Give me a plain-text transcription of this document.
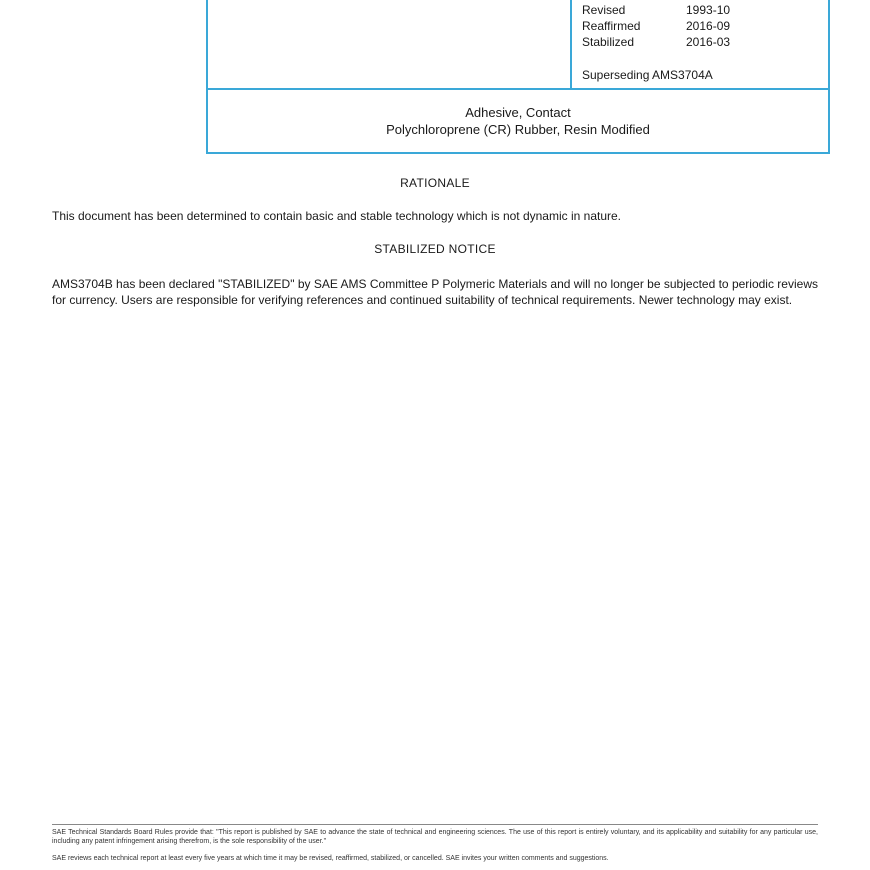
Revised	1993-10
Reaffirmed	2016-09
Stabilized	2016-03
Superseding AMS3704A
Adhesive, Contact
Polychloroprene (CR) Rubber, Resin Modified
RATIONALE
This document has been determined to contain basic and stable technology which is not dynamic in nature.
STABILIZED NOTICE
AMS3704B has been declared "STABILIZED" by SAE AMS Committee P Polymeric Materials and will no longer be subjected to periodic reviews for currency. Users are responsible for verifying references and continued suitability of technical requirements. Newer technology may exist.
SAE Technical Standards Board Rules provide that: "This report is published by SAE to advance the state of technical and engineering sciences. The use of this report is entirely voluntary, and its applicability and suitability for any particular use, including any patent infringement arising therefrom, is the sole responsibility of the user."
SAE reviews each technical report at least every five years at which time it may be revised, reaffirmed, stabilized, or cancelled. SAE invites your written comments and suggestions.
